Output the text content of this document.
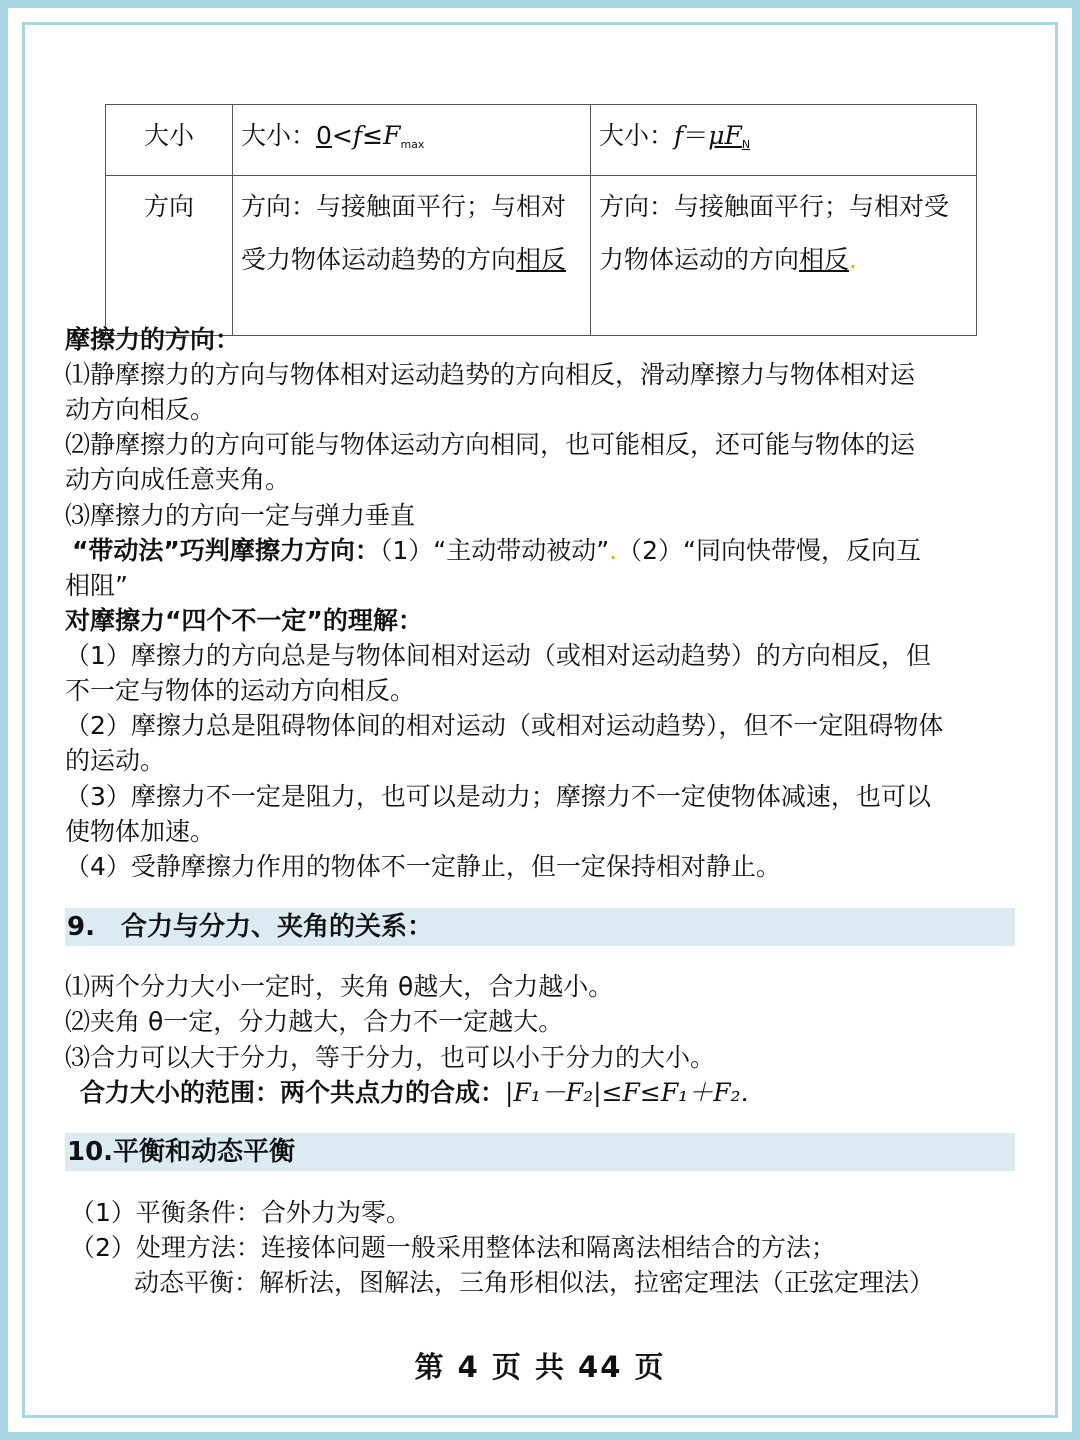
大小	大小：$0<f\le F_{max}$	大小：$f=\mu F_N$
方向	方向：与接触面平行；与相对受力物体运动趋势的方向相反	方向：与接触面平行；与相对受力物体运动的方向相反.
摩擦力的方向：
⑴静摩擦力的方向与物体相对运动趋势的方向相反，滑动摩擦力与物体相对运
动方向相反。
⑵静摩擦力的方向可能与物体运动方向相同，也可能相反，还可能与物体的运
动方向成任意夹角。
⑶摩擦力的方向一定与弹力垂直
“带动法”巧判摩擦力方向：（1）“主动带动被动”.（2）“同向快带慢，反向互
相阻”
对摩擦力“四个不一定”的理解：
（1）摩擦力的方向总是与物体间相对运动（或相对运动趋势）的方向相反，但
不一定与物体的运动方向相反。
（2）摩擦力总是阻碍物体间的相对运动（或相对运动趋势），但不一定阻碍物体
的运动。
（3）摩擦力不一定是阻力，也可以是动力；摩擦力不一定使物体减速，也可以
使物体加速。
（4）受静摩擦力作用的物体不一定静止，但一定保持相对静止。
9.　合力与分力、夹角的关系：
⑴两个分力大小一定时，夹角 θ越大，合力越小。
⑵夹角 θ一定，分力越大，合力不一定越大。
⑶合力可以大于分力，等于分力，也可以小于分力的大小。
合力大小的范围：两个共点力的合成：|F₁－F₂|≤F≤F₁＋F₂.
10.平衡和动态平衡
（1）平衡条件：合外力为零。
（2）处理方法：连接体问题一般采用整体法和隔离法相结合的方法；
动态平衡：解析法，图解法，三角形相似法，拉密定理法（正弦定理法）
第 4 页 共 44 页
